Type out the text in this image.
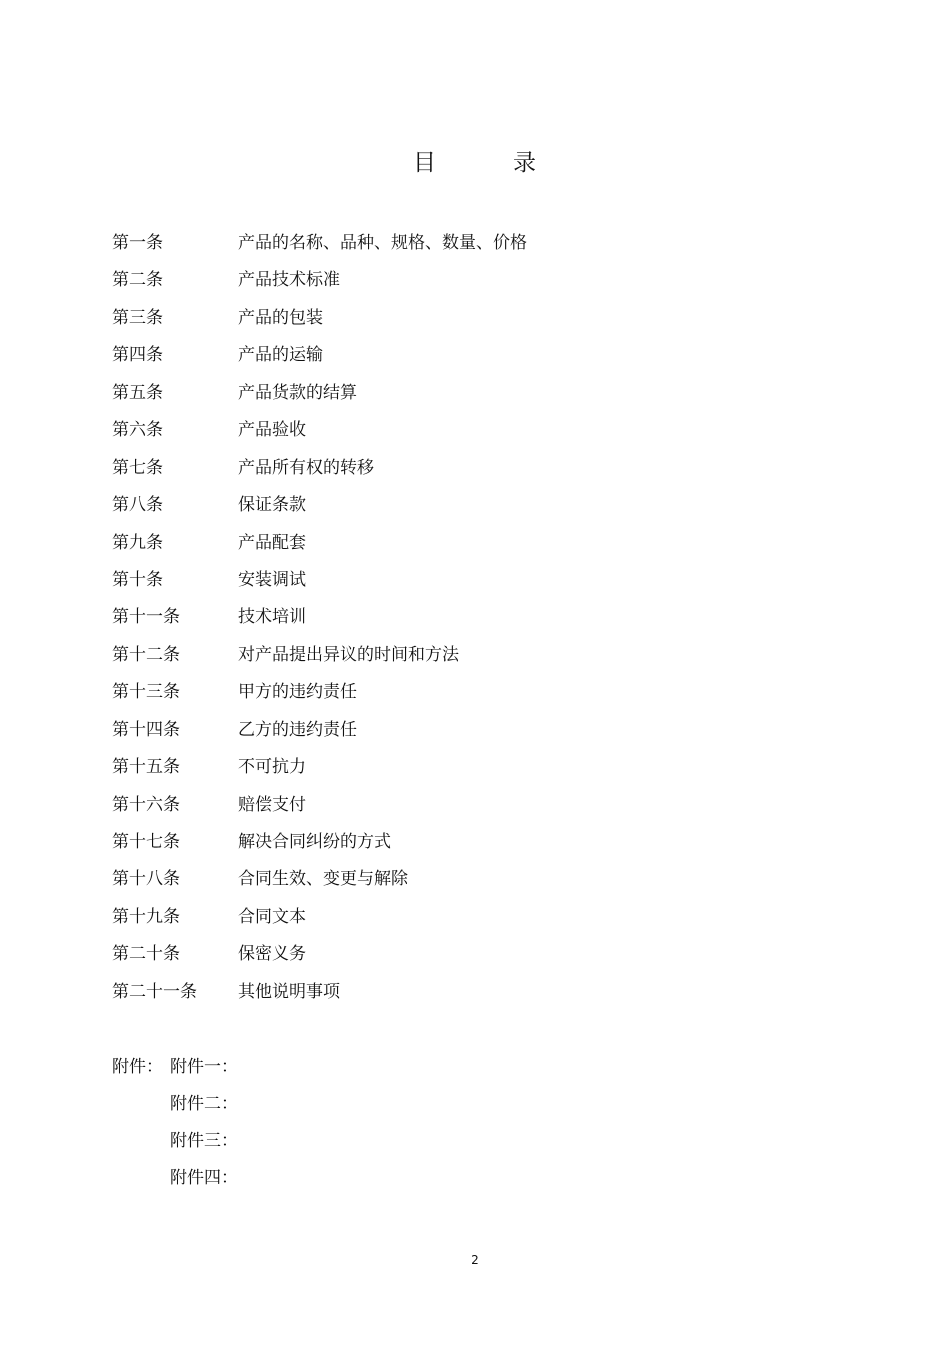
目	录
第一条	产品的名称、品种、规格、数量、价格
第二条	产品技术标准
第三条	产品的包装
第四条	产品的运输
第五条	产品货款的结算
第六条	产品验收
第七条	产品所有权的转移
第八条	保证条款
第九条	产品配套
第十条	安装调试
第十一条	技术培训
第十二条	对产品提出异议的时间和方法
第十三条	甲方的违约责任
第十四条	乙方的违约责任
第十五条	不可抗力
第十六条	赔偿支付
第十七条	解决合同纠纷的方式
第十八条	合同生效、变更与解除
第十九条	合同文本
第二十条	保密义务
第二十一条 其他说明事项
附件： 附件一：
附件二：
附件三：
附件四：
2
